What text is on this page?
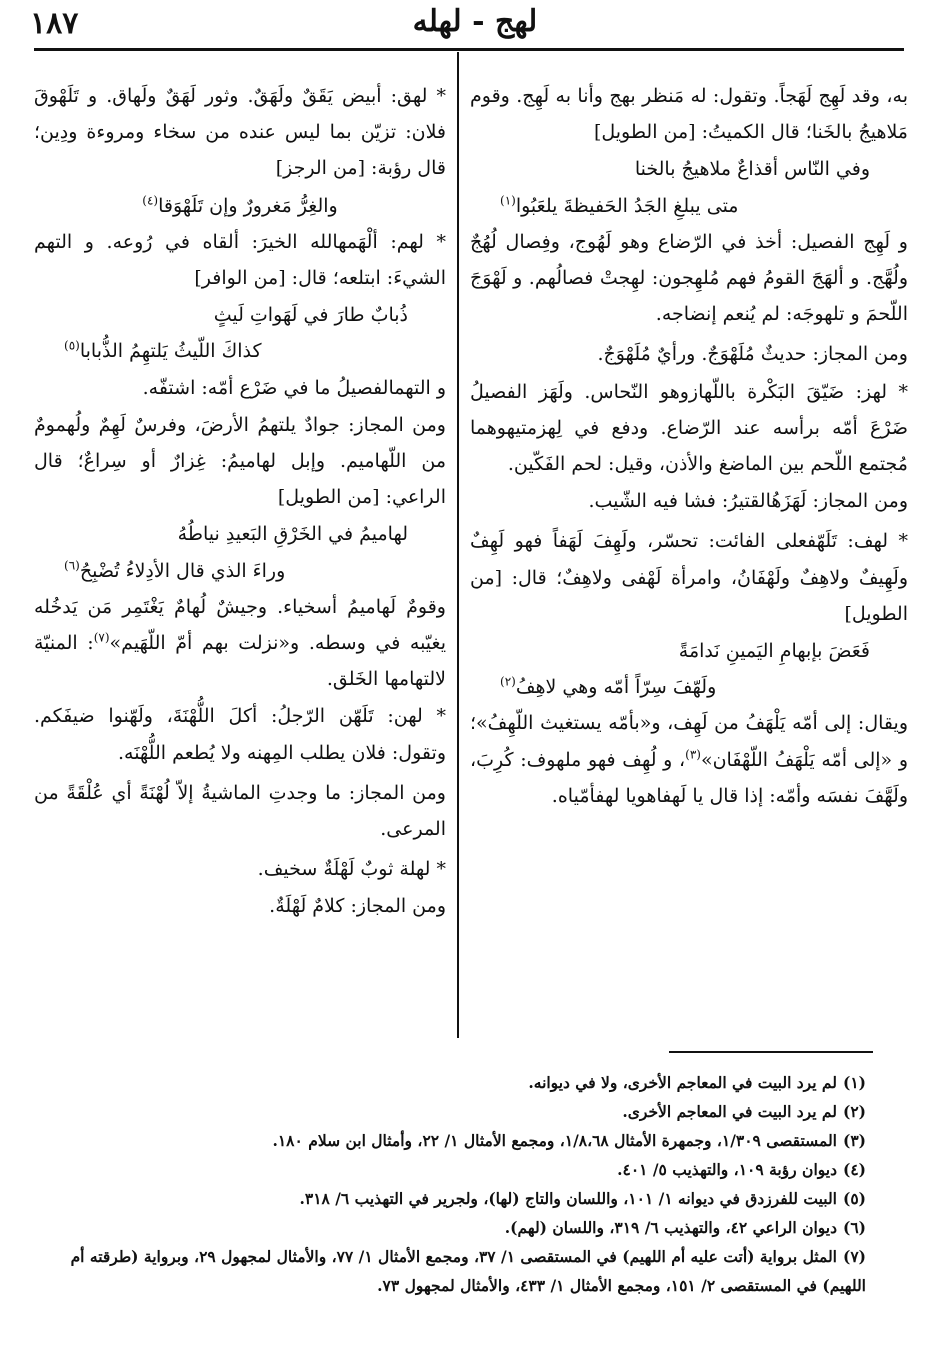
١٨٧	لهج - لهله
به، وقد لَهِج لَهَجاً. وتقول: له مَنظر بهج وأنا به لَهِج. وقوم مَلاهيجُ بالخَنا؛ قال الكميتُ: [من الطويل]
وفي النّاس أقذاعٌ ملاهيجُ بالخنا
متى يبلغِ الجَدُ الحَفيظةَ يلعَبُوا$^{(١)}$
و لَهِج الفصيل: أخذ في الرّضاع وهو لَهُوج، وفِصال لُهُجٌ ولُهَّج. و ألهَجَ القومُ فهم مُلهِجون: لهِجتْ فصالُهم. و لَهْوَجَ اللّحمَ و تلهوجَه: لم يُنعم إنضاجه.
ومن المجاز: حديثٌ مُلَهْوَجٌ. ورأيٌ مُلَهْوَجٌ.
* لهز: ضَيّقَ البَكْرة باللّهازوهو النّحاس. ولَهَز الفصيلُ ضَرْعَ أمّه برأسه عند الرّضاع. ودفع في لِهزمتيهوهما مُجتمع اللّحم بين الماضغ والأذن، وقيل: لحم الفَكّين.
ومن المجاز: لَهَزَهُالقتيرُ: فشا فيه الشّيب.
* لهف: تَلَهّفعلى الفائت: تحسّر، ولَهِفَ لَهَفاً فهو لَهِفٌ ولَهِيفٌ ولاهِفٌ ولَهْفَانُ، وامرأة لَهْفى ولاهِفٌ؛ قال: [من الطويل]
فَعَضَ بإبهامِ اليَمينِ نَدامَةً
ولَهّفَ سِرّاً أمّه وهي لاهِفُ$^{(٢)}$
ويقال: إلى أمّه يَلْهَفُ من لَهِف، و«بأمّه يستغيث اللّهِفُ»؛ و «إلى أمّه يَلْهَفُ اللّهْفَان»$^{(٣)}$، و لُهِف فهو ملهوف: كُرِبَ، ولَهَّفَ نفسَه وأمّه: إذا قال يا لَهفاهويا لهفأمّياه.
* لهق: أبيض يَقَقٌ ولَهَقٌ. وثور لَهَقٌ ولَهاق. و تَلَهْوقَ فلان: تزيّن بما ليس عنده من سخاء ومروءة ودِين؛ قال رؤبة: [من الرجز]
والغِرُّ مَغرورٌ وإن تَلَهْوَقا$^{(٤)}$
* لهم: ألْهَمهالله الخيرَ: ألقاه في رُوعه. و التهم الشيءَ: ابتلعه؛ قال: [من الوافر]
ذُبابٌ طارَ في لَهَواتِ لَيثٍ
كذاكَ اللّيثُ يَلتهِمُ الذُّبابا$^{(٥)}$
و التهمالفصيلُ ما في ضَرْع أمّه: اشتفّه.
ومن المجاز: جوادٌ يلتهمُ الأرضَ، وفرسٌ لَهِمٌ ولُهمومٌ من اللّهاميم. وإبل لهاميمُ: غِزارٌ أو سِراعٌ؛ قال الراعي: [من الطويل]
لهاميمُ في الخَرْقِ البَعيدِ نياطُهُ
وراءَ الذي قال الأدِلاءُ تُضْبِحُ$^{(٦)}$
وقومٌ لَهاميمُ أسخياء. وجيشٌ لُهامٌ يَغْتَمِر مَن يَدخُله يغيّبه في وسطه. و«نزلت بهم أمّ اللّهَيم»$^{(٧)}$: المنيّة لالتهامها الخَلق.
* لهن: تَلَهّن الرّجلُ: أكلَ اللُّهْنَةَ، ولَهّنوا ضيفَكم. وتقول: فلان يطلب المِهنه ولا يُطعم اللُّهْنَه.
ومن المجاز: ما وجدتِ الماشيةُ إلاّ لُهْنَةً أي عُلْقَةً من المرعى.
* لهلة ثوبٌ لَهْلَةٌ سخيف.
ومن المجاز: كلامٌ لَهْلَةٌ.
(١)لم يرد البيت في المعاجم الأخرى، ولا في ديوانه.
(٢)لم يرد البيت في المعاجم الأخرى.
(٣)المستقصى ١/٣٠٩، وجمهرة الأمثال ١/٨،٦٨، ومجمع الأمثال ١/ ٢٢، وأمثال ابن سلام ١٨٠.
(٤)ديوان رؤبة ١٠٩، والتهذيب ٥/ ٤٠١.
(٥)البيت للفرزدق في ديوانه ١/ ١٠١، واللسان والتاج (لها)، ولجرير في التهذيب ٦/ ٣١٨.
(٦)ديوان الراعي ٤٢، والتهذيب ٦/ ٣١٩، واللسان (لهم).
(٧)المثل برواية (أتت عليه أم اللهيم) في المستقصى ١/ ٣٧، ومجمع الأمثال ١/ ٧٧، والأمثال لمجهول ٢٩، وبرواية (طرقته أم اللهيم) في المستقصى ٢/ ١٥١، ومجمع الأمثال ١/ ٤٣٣، والأمثال لمجهول ٧٣.
